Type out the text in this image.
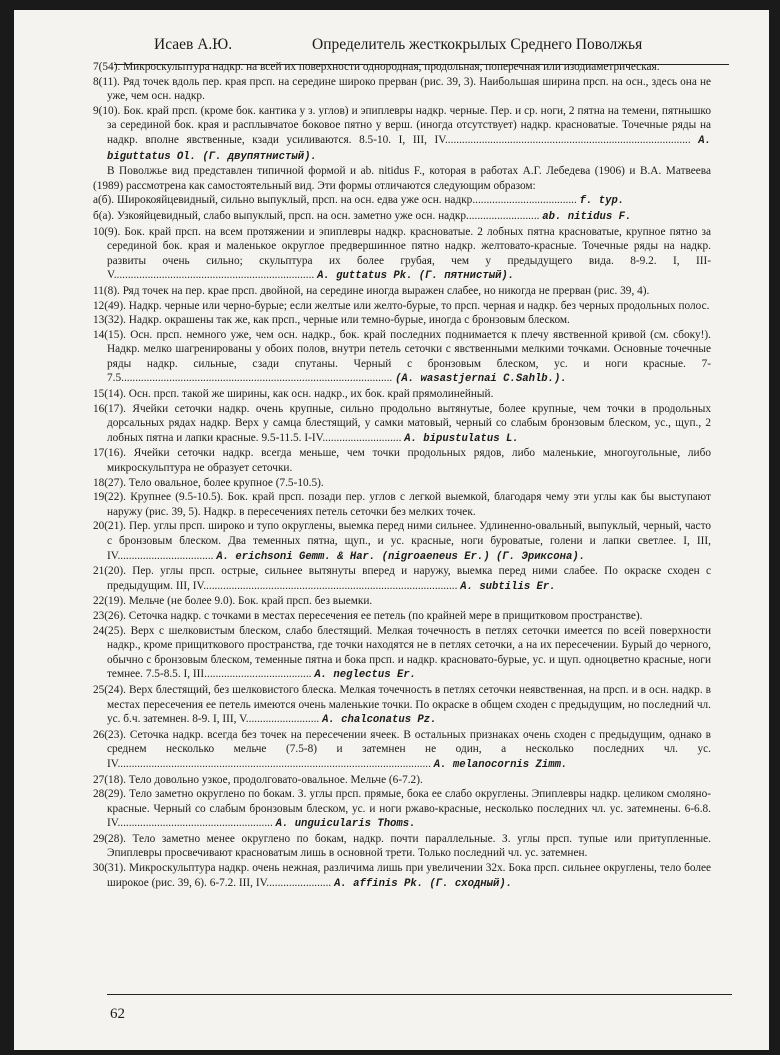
Исаев А.Ю.	Определитель жесткокрылых Среднего Поволжья
62
7(54). Микроскульптура надкр. на всей их поверхности однородная, продольная, поперечная или изодиаметрическая.
8(11). Ряд точек вдоль пер. края прсп. на середине широко прерван (рис. 39, 3). Наибольшая ширина прсп. на осн., здесь она не уже, чем осн. надкр.
9(10). Бок. край прсп. (кроме бок. кантика у з. углов) и эпиплевры надкр. черные. Пер. и ср. ноги, 2 пятна на темени, пятнышко за серединой бок. края и расплывчатое боковое пятно у верш. (иногда отсутствует) надкр. красноватые. Точечные ряды на надкр. вполне явственные, кзади усиливаются. 8.5-10. I, III, IV....................................................................................... A. biguttatus Ol. (Г. двупятнистый).
В Поволжье вид представлен типичной формой и ab. nitidus F., которая в работах А.Г. Лебедева (1906) и В.А. Матвеева (1989) рассмотрена как самостоятельный вид. Эти формы отличаются следующим образом:
а(б). Широкояйцевидный, сильно выпуклый, прсп. на осн. едва уже осн. надкр..................................... f. typ.
б(а). Узкояйцевидный, слабо выпуклый, прсп. на осн. заметно уже осн. надкр.......................... ab. nitidus F.
10(9). Бок. край прсп. на всем протяжении и эпиплевры надкр. красноватые. 2 лобных пятна красноватые, крупное пятно за серединой бок. края и маленькое округлое предвершинное пятно надкр. желтовато-красные. Точечные ряды на надкр. развиты очень сильно; скульптура их более грубая, чем у предыдущего вида. 8-9.2. I, III-V....................................................................... A. guttatus Pk. (Г. пятнистый).
11(8). Ряд точек на пер. крае прсп. двойной, на середине иногда выражен слабее, но никогда не прерван (рис. 39, 4).
12(49). Надкр. черные или черно-бурые; если желтые или желто-бурые, то прсп. черная и надкр. без черных продольных полос.
13(32). Надкр. окрашены так же, как прсп., черные или темно-бурые, иногда с бронзовым блеском.
14(15). Осн. прсп. немного уже, чем осн. надкр., бок. край последних поднимается к плечу явственной кривой (см. сбоку!). Надкр. мелко шагренированы у обоих полов, внутри петель сеточки с явственными мелкими точками. Основные точечные ряды надкр. сильные, сзади спутаны. Черный с бронзовым блеском, ус. и ноги красные. 7-7.5................................................................................................ (A. wasastjernai C.Sahlb.).
15(14). Осн. прсп. такой же ширины, как осн. надкр., их бок. край прямолинейный.
16(17). Ячейки сеточки надкр. очень крупные, сильно продольно вытянутые, более крупные, чем точки в продольных дорсальных рядах надкр. Верх у самца блестящий, у самки матовый, черный со слабым бронзовым блеском, ус., щуп., 2 лобных пятна и лапки красные. 9.5-11.5. I-IV............................ A. bipustulatus L.
17(16). Ячейки сеточки надкр. всегда меньше, чем точки продольных рядов, либо маленькие, многоугольные, либо микроскульптура не образует сеточки.
18(27). Тело овальное, более крупное (7.5-10.5).
19(22). Крупнее (9.5-10.5). Бок. край прсп. позади пер. углов с легкой выемкой, благодаря чему эти углы как бы выступают наружу (рис. 39, 5). Надкр. в пересечениях петель сеточки без мелких точек.
20(21). Пер. углы прсп. широко и тупо округлены, выемка перед ними сильнее. Удлиненно-овальный, выпуклый, черный, часто с бронзовым блеском. Два теменных пятна, щуп., и ус. красные, ноги буроватые, голени и лапки светлее. I, III, IV.................................. A. erichsoni Gemm. & Har. (nigroaeneus Er.) (Г. Эриксона).
21(20). Пер. углы прсп. острые, сильнее вытянуты вперед и наружу, выемка перед ними слабее. По окраске сходен с предыдущим. III, IV.......................................................................................... A. subtilis Er.
22(19). Мельче (не более 9.0). Бок. край прсп. без выемки.
23(26). Сеточка надкр. с точками в местах пересечения ее петель (по крайней мере в прищитковом пространстве).
24(25). Верх с шелковистым блеском, слабо блестящий. Мелкая точечность в петлях сеточки имеется по всей поверхности надкр., кроме прищиткового пространства, где точки находятся не в петлях сеточки, а на их пересечении. Бурый до черного, обычно с бронзовым блеском, теменные пятна и бока прсп. и надкр. красновато-бурые, ус. и щуп. одноцветно красные, ноги темнее. 7.5-8.5. I, III...................................... A. neglectus Er.
25(24). Верх блестящий, без шелковистого блеска. Мелкая точечность в петлях сеточки неявственная, на прсп. и в осн. надкр. в местах пересечения ее петель имеются очень маленькие точки. По окраске в общем сходен с предыдущим, но последний чл. ус. б.ч. затемнен. 8-9. I, III, V.......................... A. chalconatus Pz.
26(23). Сеточка надкр. всегда без точек на пересечении ячеек. В остальных признаках очень сходен с предыдущим, однако в среднем несколько мельче (7.5-8) и затемнен не один, а несколько последних чл. ус. IV............................................................................................................... A. melanocornis Zimm.
27(18). Тело довольно узкое, продолговато-овальное. Мельче (6-7.2).
28(29). Тело заметно округлено по бокам. З. углы прсп. прямые, бока ее слабо округлены. Эпиплевры надкр. целиком смоляно-красные. Черный со слабым бронзовым блеском, ус. и ноги ржаво-красные, несколько последних чл. ус. затемнены. 6-6.8. IV....................................................... A. unguicularis Thoms.
29(28). Тело заметно менее округлено по бокам, надкр. почти параллельные. З. углы прсп. тупые или притупленные. Эпиплевры просвечивают красноватым лишь в основной трети. Только последний чл. ус. затемнен.
30(31). Микроскульптура надкр. очень нежная, различима лишь при увеличении 32х. Бока прсп. сильнее округлены, тело более широкое (рис. 39, 6). 6-7.2. III, IV....................... A. affinis Pk. (Г. сходный).
